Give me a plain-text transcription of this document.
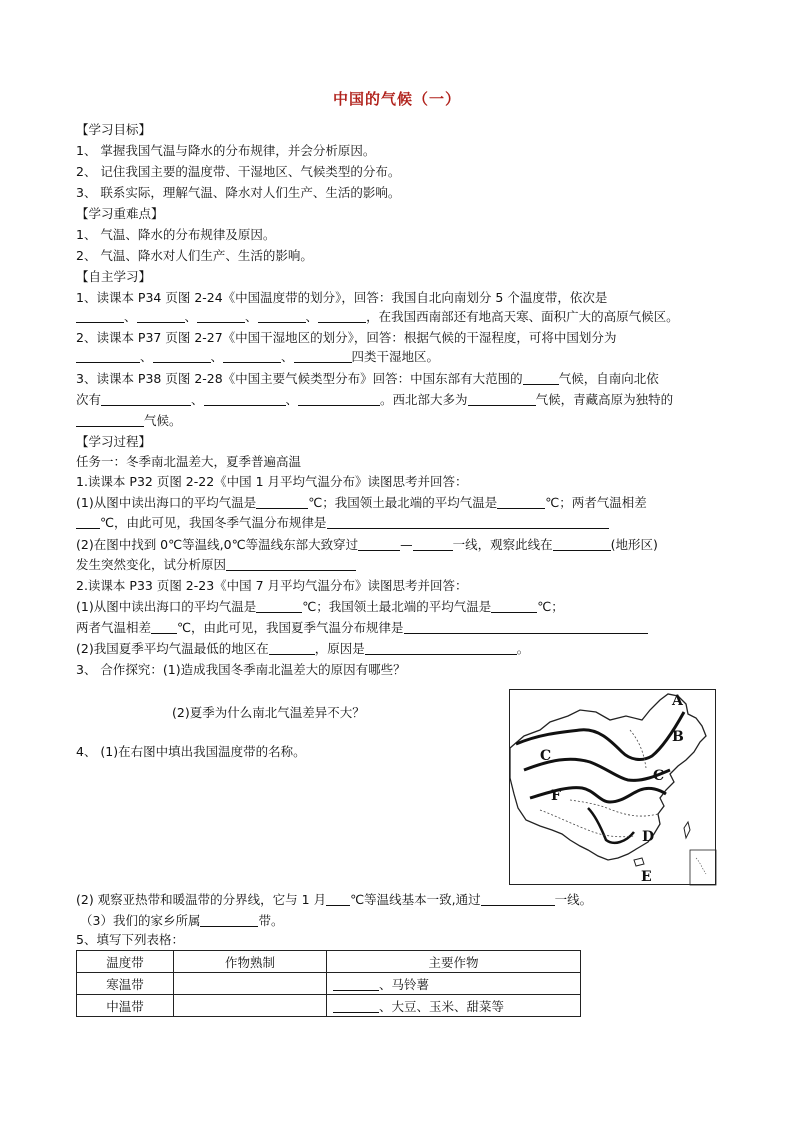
中国的气候（一）
【学习目标】
1、 掌握我国气温与降水的分布规律，并会分析原因。
2、 记住我国主要的温度带、干湿地区、气候类型的分布。
3、 联系实际，理解气温、降水对人们生产、生活的影响。
【学习重难点】
1、 气温、降水的分布规律及原因。
2、 气温、降水对人们生产、生活的影响。
【自主学习】
1、读课本 P34 页图 2-24《中国温度带的划分》，回答：我国自北向南划分 5 个温度带，依次是
、	、	、	、	，在我国西南部还有地高天寒、面积广大的高原气候区。
2、读课本 P37 页图 2-27《中国干湿地区的划分》，回答：根据气候的干湿程度，可将中国划分为
、	、	、	四类干湿地区。
3、读课本 P38 页图 2-28《中国主要气候类型分布》回答：中国东部有大范围的	气候，自南向北依
次有	、	、	。西北部大多为	气候，青藏高原为独特的
气候。
【学习过程】
任务一：冬季南北温差大，夏季普遍高温
1.读课本 P32 页图 2-22《中国 1 月平均气温分布》读图思考并回答：
(1)从图中读出海口的平均气温是	℃；我国领土最北端的平均气温是	℃；两者气温相差
℃，由此可见，我国冬季气温分布规律是
(2)在图中找到 0℃等温线,0℃等温线东部大致穿过	—	一线，观察此线在	(地形区)
发生突然变化，试分析原因
2.读课本 P33 页图 2-23《中国 7 月平均气温分布》读图思考并回答：
(1)从图中读出海口的平均气温是	℃；我国领土最北端的平均气温是	℃；
两者气温相差 ℃，由此可见，我国夏季气温分布规律是
(2)我国夏季平均气温最低的地区在	，原因是	。
3、 合作探究：(1)造成我国冬季南北温差大的原因有哪些？
(2)夏季为什么南北气温差异不大？
4、 (1)在右图中填出我国温度带的名称。
A
B
C
C
F
D
E
(2) 观察亚热带和暖温带的分界线，它与 1 月 ℃等温线基本一致,通过	一线。
（3）我们的家乡所属	带。
5、填写下列表格：
温度带	作物熟制	主要作物
寒温带		、马铃薯
中温带		、大豆、玉米、甜菜等
